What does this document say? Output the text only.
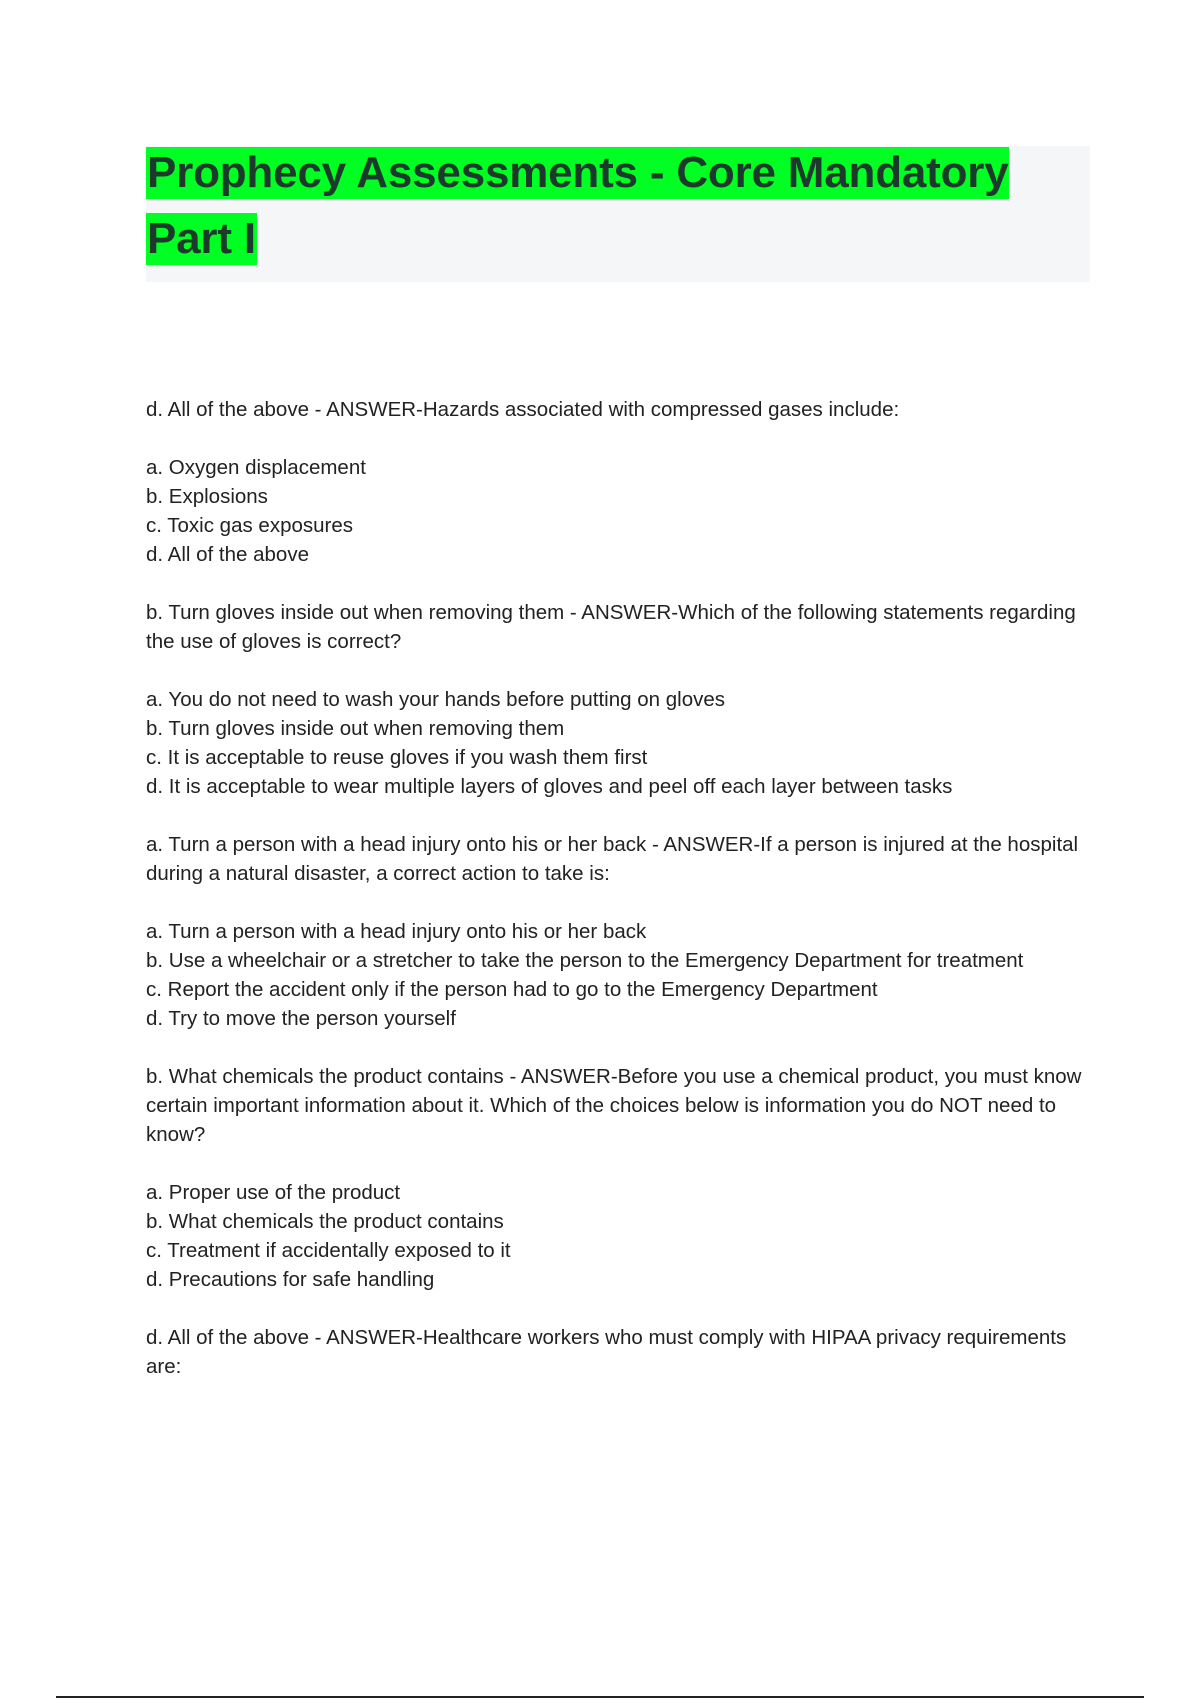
Prophecy Assessments - Core Mandatory
Part I

d. All of the above - ANSWER-Hazards associated with compressed gases include:

a. Oxygen displacement

b. Explosions

c. Toxic gas exposures

d. All of the above

b. Turn gloves inside out when removing them - ANSWER-Which of the following statements regarding the use of gloves is correct?

a. You do not need to wash your hands before putting on gloves

b. Turn gloves inside out when removing them

c. It is acceptable to reuse gloves if you wash them first

d. It is acceptable to wear multiple layers of gloves and peel off each layer between tasks

a. Turn a person with a head injury onto his or her back - ANSWER-If a person is injured at the hospital during a natural disaster, a correct action to take is:

a. Turn a person with a head injury onto his or her back

b. Use a wheelchair or a stretcher to take the person to the Emergency Department for treatment

c. Report the accident only if the person had to go to the Emergency Department

d. Try to move the person yourself

b. What chemicals the product contains - ANSWER-Before you use a chemical product, you must know certain important information about it. Which of the choices below is information you do NOT need to know?

a. Proper use of the product

b. What chemicals the product contains

c. Treatment if accidentally exposed to it

d. Precautions for safe handling

d. All of the above - ANSWER-Healthcare workers who must comply with HIPAA privacy requirements are:
